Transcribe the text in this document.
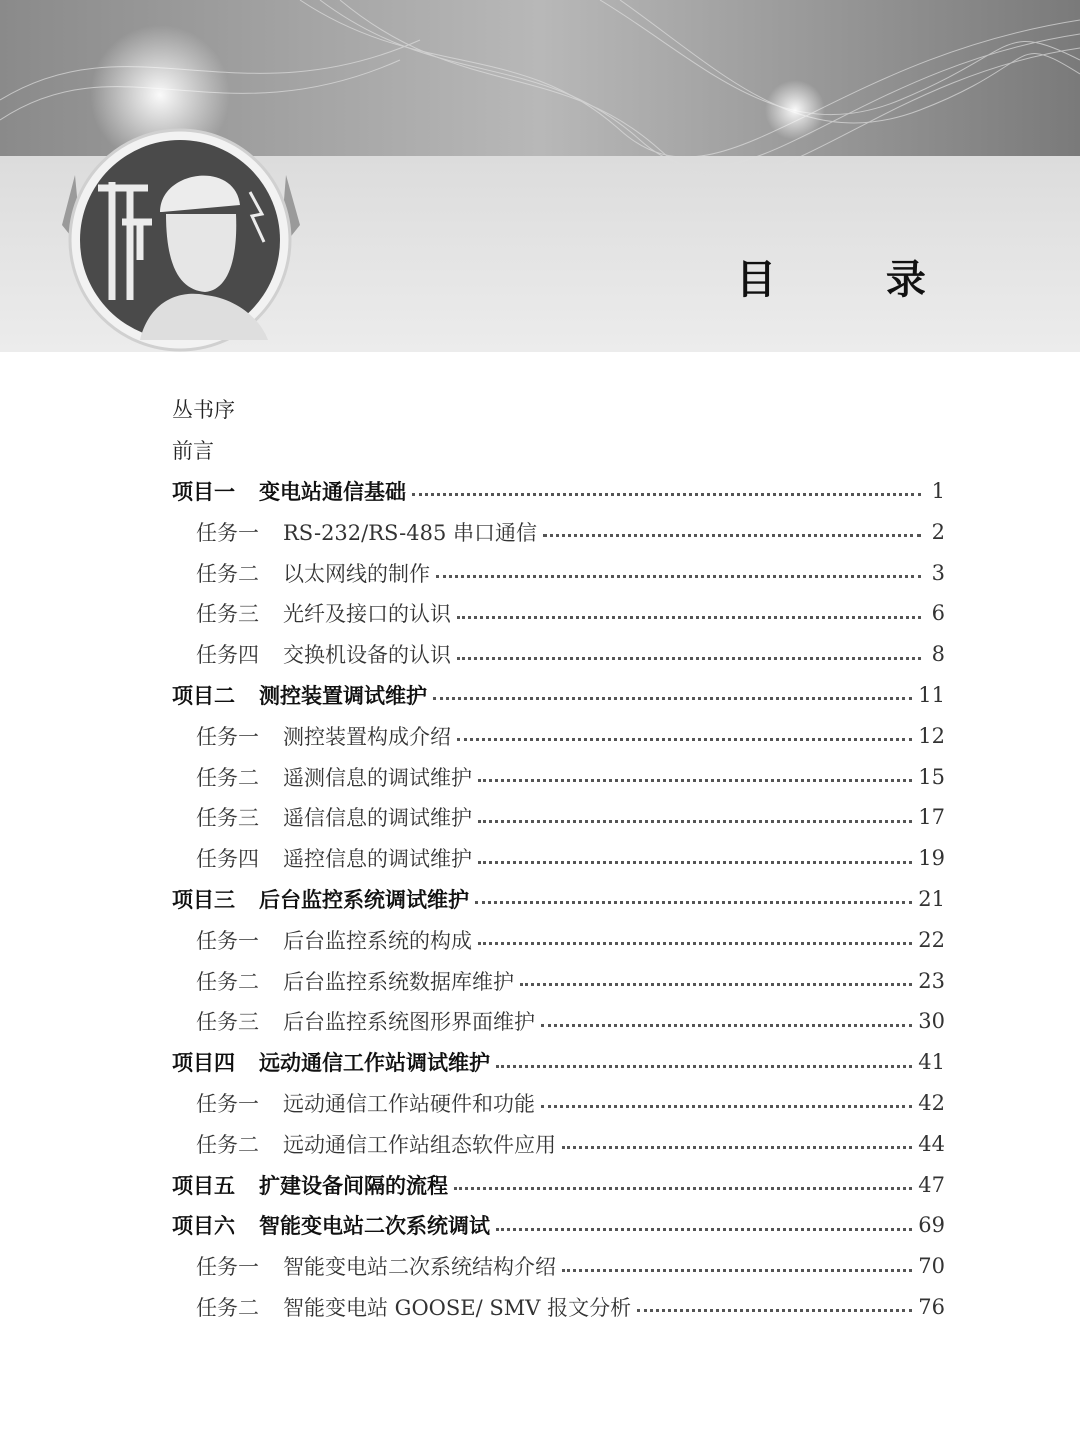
目 录
丛书序
前言
项目一 变电站通信基础	1
任务一 RS-232/RS-485 串口通信	2
任务二 以太网线的制作	3
任务三 光纤及接口的认识	6
任务四 交换机设备的认识	8
项目二 测控装置调试维护	11
任务一 测控装置构成介绍	12
任务二 遥测信息的调试维护	15
任务三 遥信信息的调试维护	17
任务四 遥控信息的调试维护	19
项目三 后台监控系统调试维护	21
任务一 后台监控系统的构成	22
任务二 后台监控系统数据库维护	23
任务三 后台监控系统图形界面维护	30
项目四 远动通信工作站调试维护	41
任务一 远动通信工作站硬件和功能	42
任务二 远动通信工作站组态软件应用	44
项目五 扩建设备间隔的流程	47
项目六 智能变电站二次系统调试	69
任务一 智能变电站二次系统结构介绍	70
任务二 智能变电站 GOOSE/ SMV 报文分析	76
